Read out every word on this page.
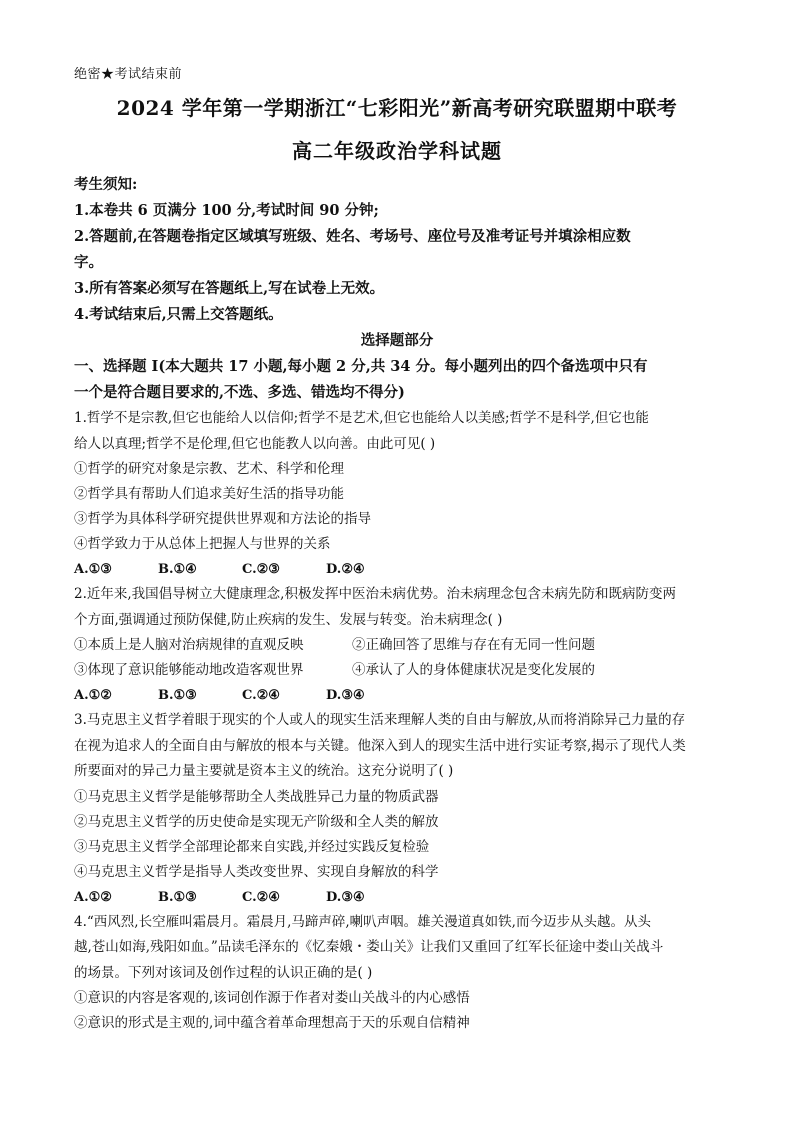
绝密★考试结束前
2024 学年第一学期浙江“七彩阳光”新高考研究联盟期中联考
高二年级政治学科试题
考生须知:
1.本卷共 6 页满分 100 分,考试时间 90 分钟;
2.答题前,在答题卷指定区域填写班级、姓名、考场号、座位号及准考证号并填涂相应数
字。
3.所有答案必须写在答题纸上,写在试卷上无效。
4.考试结束后,只需上交答题纸。
选择题部分
一、选择题 I(本大题共 17 小题,每小题 2 分,共 34 分。每小题列出的四个备选项中只有
一个是符合题目要求的,不选、多选、错选均不得分)
1.哲学不是宗教,但它也能给人以信仰;哲学不是艺术,但它也能给人以美感;哲学不是科学,但它也能
给人以真理;哲学不是伦理,但它也能教人以向善。由此可见( )
①哲学的研究对象是宗教、艺术、科学和伦理
②哲学具有帮助人们追求美好生活的指导功能
③哲学为具体科学研究提供世界观和方法论的指导
④哲学致力于从总体上把握人与世界的关系
A.①③	B.①④	C.②③	D.②④
2.近年来,我国倡导树立大健康理念,积极发挥中医治未病优势。治未病理念包含未病先防和既病防变两
个方面,强调通过预防保健,防止疾病的发生、发展与转变。治未病理念( )
①本质上是人脑对治病规律的直观反映	②正确回答了思维与存在有无同一性问题
③体现了意识能够能动地改造客观世界	④承认了人的身体健康状况是变化发展的
A.①②	B.①③	C.②④	D.③④
3.马克思主义哲学着眼于现实的个人或人的现实生活来理解人类的自由与解放,从而将消除异己力量的存
在视为追求人的全面自由与解放的根本与关键。他深入到人的现实生活中进行实证考察,揭示了现代人类
所要面对的异己力量主要就是资本主义的统治。这充分说明了( )
①马克思主义哲学是能够帮助全人类战胜异己力量的物质武器
②马克思主义哲学的历史使命是实现无产阶级和全人类的解放
③马克思主义哲学全部理论都来自实践,并经过实践反复检验
④马克思主义哲学是指导人类改变世界、实现自身解放的科学
A.①②	B.①③	C.②④	D.③④
4.“西风烈,长空雁叫霜晨月。霜晨月,马蹄声碎,喇叭声咽。雄关漫道真如铁,而今迈步从头越。从头
越,苍山如海,残阳如血。”品读毛泽东的《忆秦娥・娄山关》让我们又重回了红军长征途中娄山关战斗
的场景。下列对该词及创作过程的认识正确的是( )
①意识的内容是客观的,该词创作源于作者对娄山关战斗的内心感悟
②意识的形式是主观的,词中蕴含着革命理想高于天的乐观自信精神
